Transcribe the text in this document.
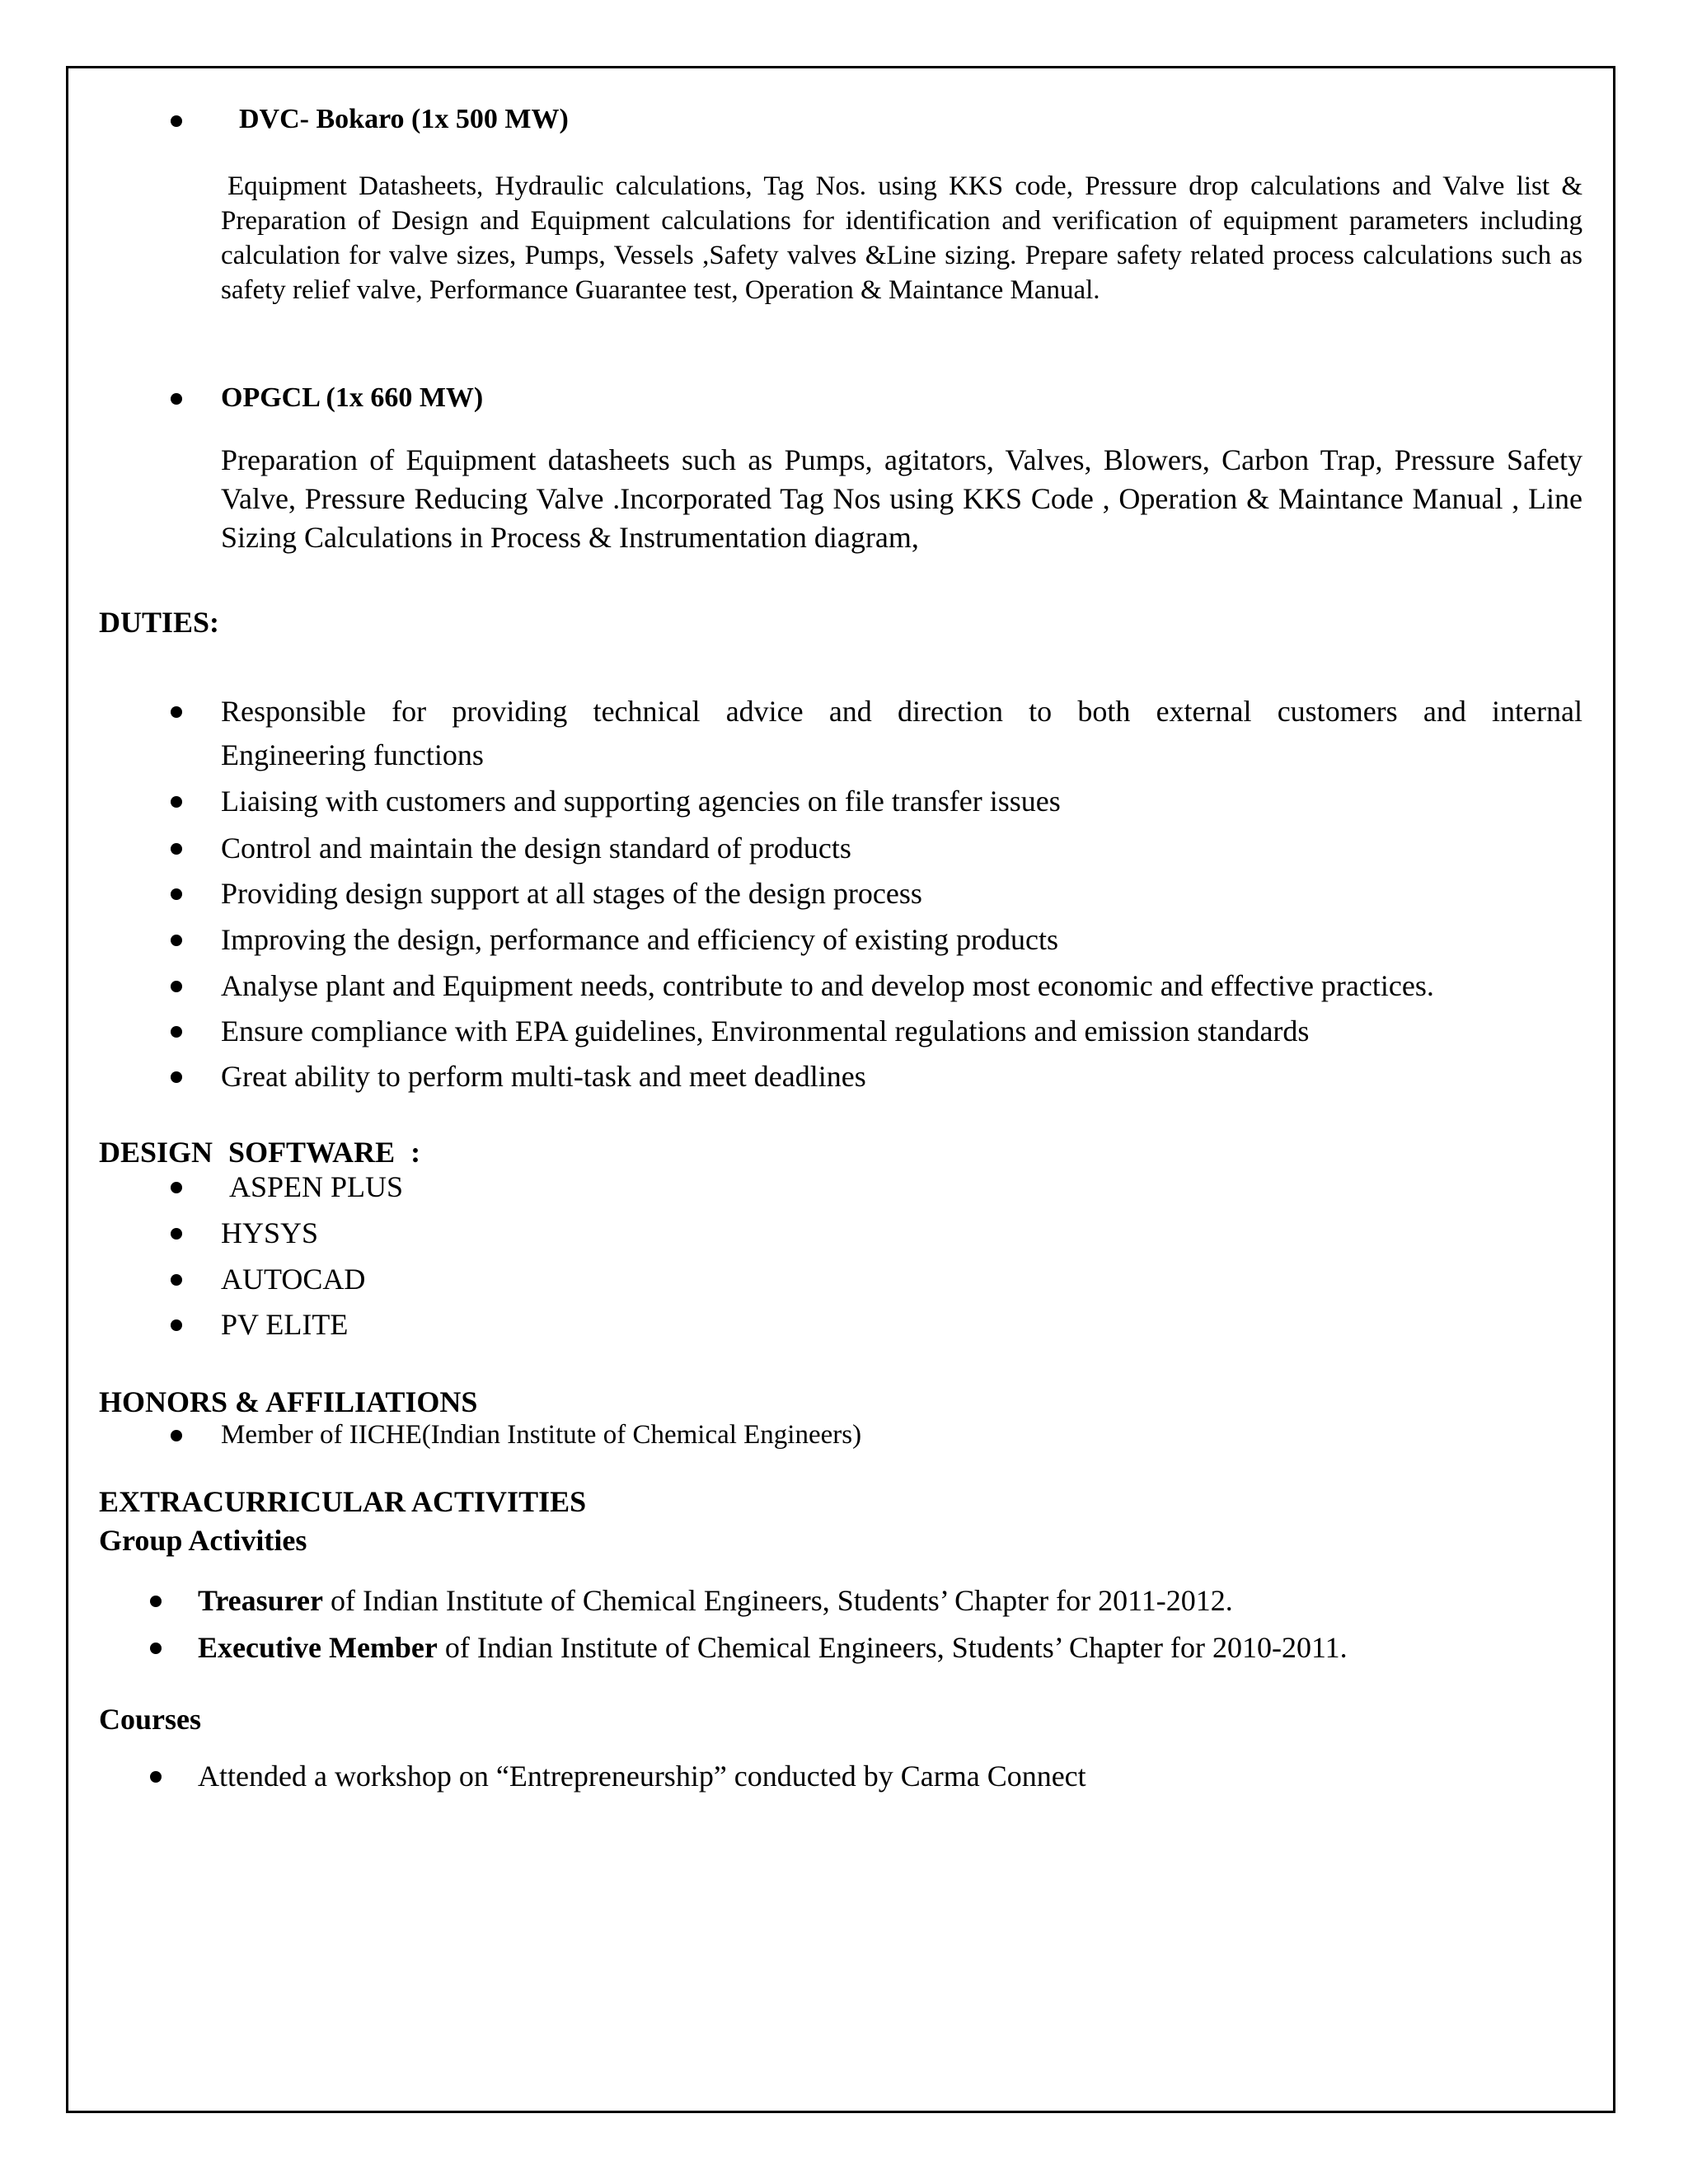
DVC- Bokaro (1x 500 MW)

Equipment Datasheets, Hydraulic calculations, Tag Nos. using KKS code, Pressure drop calculations and Valve list & Preparation of Design and Equipment calculations for identification and verification of equipment parameters including calculation for valve sizes, Pumps, Vessels ,Safety valves &Line sizing. Prepare safety related process calculations such as safety relief valve, Performance Guarantee test, Operation & Maintance Manual.

OPGCL (1x 660 MW)

Preparation of Equipment datasheets such as Pumps, agitators, Valves, Blowers, Carbon Trap, Pressure Safety Valve, Pressure Reducing Valve .Incorporated Tag Nos using KKS Code , Operation & Maintance Manual , Line Sizing Calculations in Process & Instrumentation diagram,

DUTIES:
Responsible for providing technical advice and direction to both external customers and internal
Engineering functions
Liaising with customers and supporting agencies on file transfer issues
Control and maintain the design standard of products
Providing design support at all stages of the design process
Improving the design, performance and efficiency of existing products
Analyse plant and Equipment needs, contribute to and develop most economic and effective practices.
Ensure compliance with EPA guidelines, Environmental regulations and emission standards
Great ability to perform multi-task and meet deadlines
DESIGN SOFTWARE :
ASPEN PLUS
HYSYS
AUTOCAD
PV ELITE
HONORS & AFFILIATIONS
Member of IICHE(Indian Institute of Chemical Engineers)
EXTRACURRICULAR ACTIVITIES
Group Activities
Treasurer of Indian Institute of Chemical Engineers, Students’ Chapter for 2011-2012.
Executive Member of Indian Institute of Chemical Engineers, Students’ Chapter for 2010-2011.
Courses
Attended a workshop on “Entrepreneurship” conducted by Carma Connect
